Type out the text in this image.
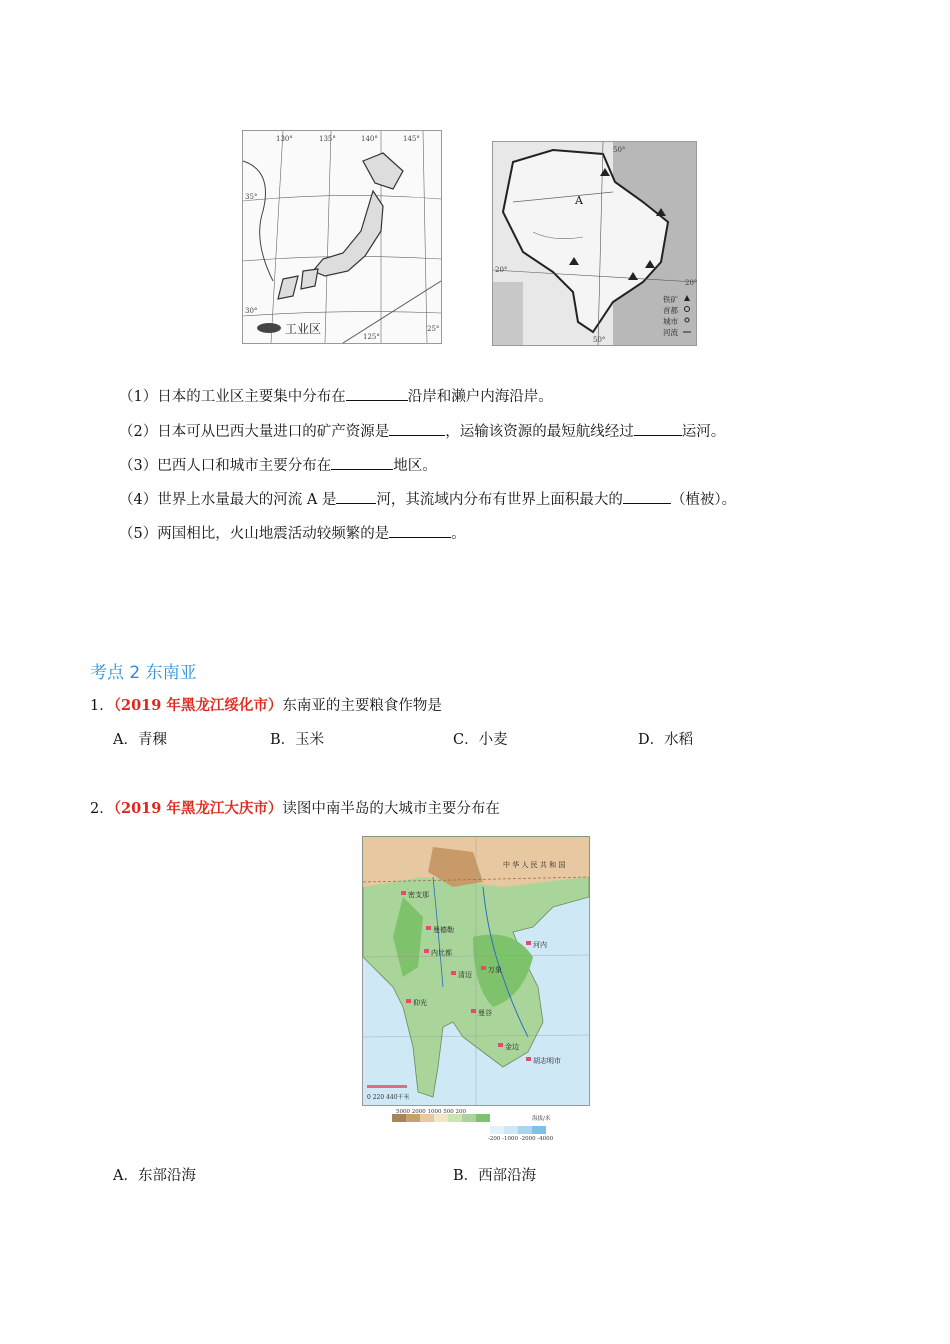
工业区
130°	135°	140°	145°
35°
30°
25°
125°
A
50°
50°
20°
20°
铁矿
首都
城市
河流
（1）日本的工业区主要集中分布在	沿岸和濑户内海沿岸。
（2）日本可从巴西大量进口的矿产资源是	，运输该资源的最短航线经过	运河。
（3）巴西人口和城市主要分布在	地区。
（4）世界上水量最大的河流 A 是	河，其流域内分布有世界上面积最大的	（植被）。
（5）两国相比，火山地震活动较频繁的是	。
考点 2 东南亚
1．（2019 年黑龙江绥化市）东南亚的主要粮食作物是
A．青稞	B．玉米	C．小麦	D．水稻
2．（2019 年黑龙江大庆市）读图中南半岛的大城市主要分布在
中 华 人 民 共 和 国
密支那
曼德勒
内比都
清迈
万象
河内
仰光
曼谷
金边
胡志明市
0 220 440千米
5000 2000 1000 500 200
海拔/米
-200 -1000 -2000 -4000
A．东部沿海	B．西部沿海
